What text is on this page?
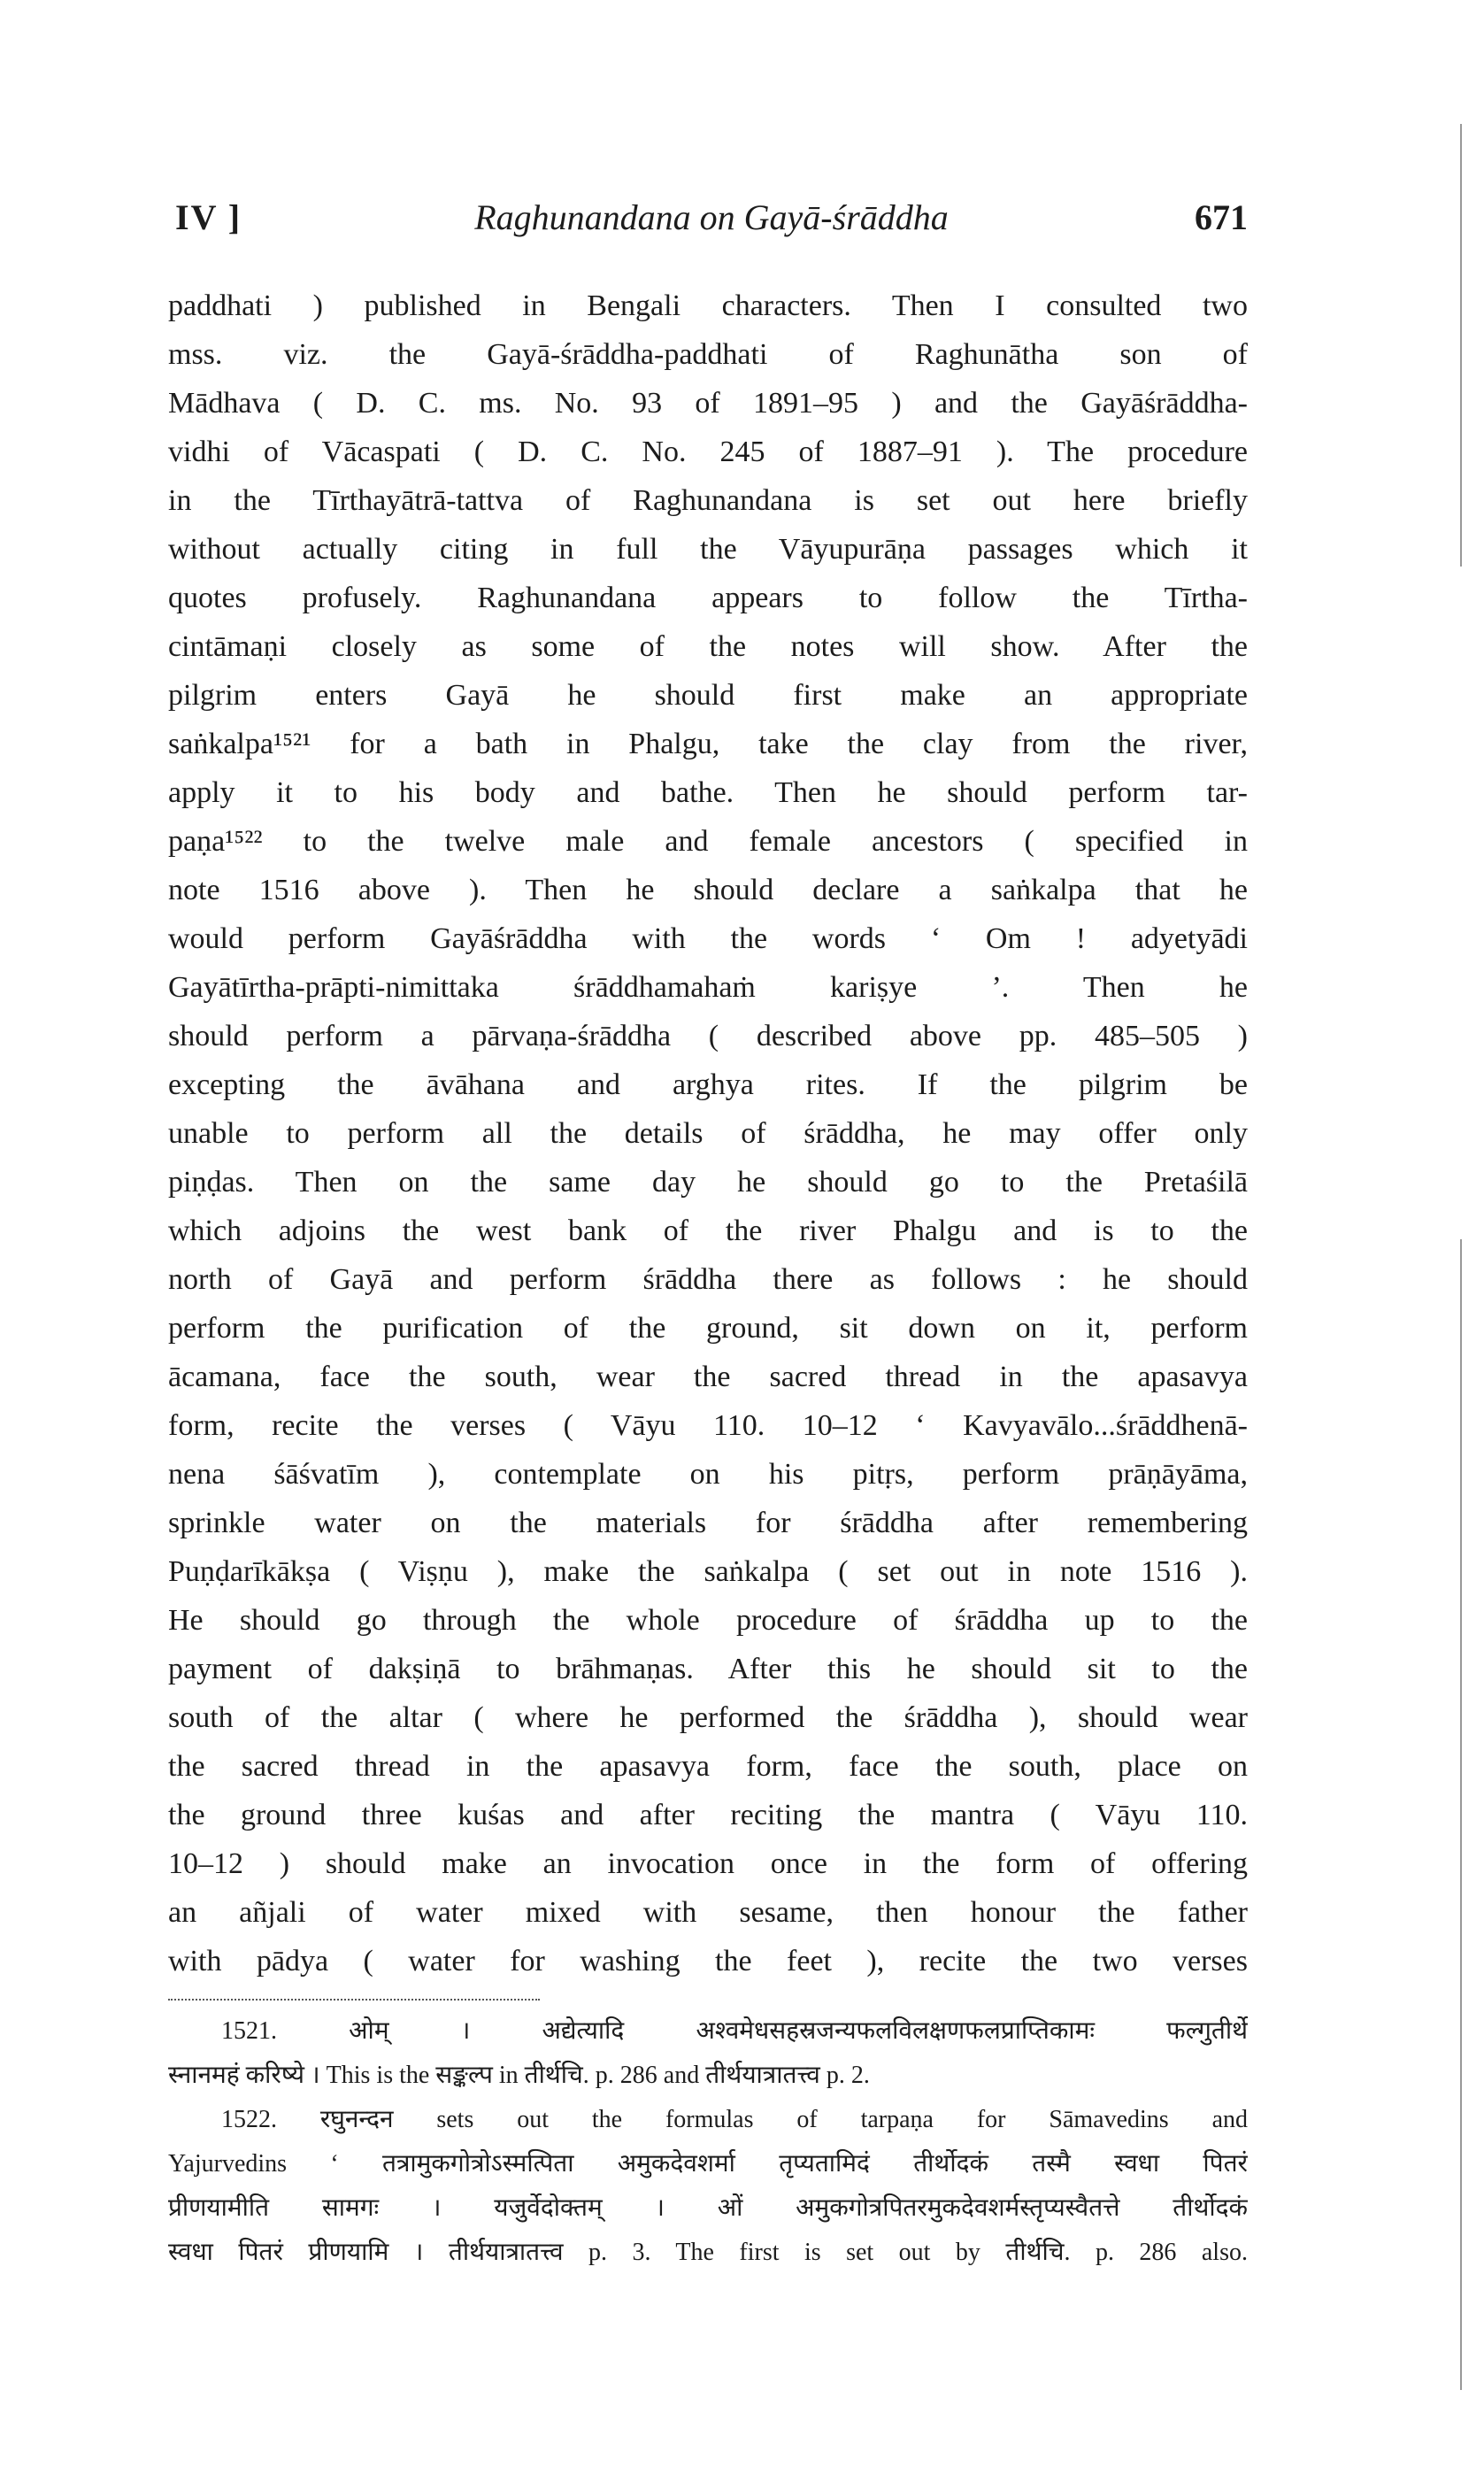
IV ]	Raghunandana on Gayā-śrāddha	671
paddhati ) published in Bengali characters. Then I consulted two
mss. viz. the Gayā-śrāddha-paddhati of Raghunātha son of
Mādhava ( D. C. ms. No. 93 of 1891–95 ) and the Gayāśrāddha-
vidhi of Vācaspati ( D. C. No. 245 of 1887–91 ). The procedure
in the Tīrthayātrā-tattva of Raghunandana is set out here briefly
without actually citing in full the Vāyupurāṇa passages which it
quotes profusely. Raghunandana appears to follow the Tīrtha-
cintāmaṇi closely as some of the notes will show. After the
pilgrim enters Gayā he should first make an appropriate
saṅkalpa¹⁵²¹ for a bath in Phalgu, take the clay from the river,
apply it to his body and bathe. Then he should perform tar-
paṇa¹⁵²² to the twelve male and female ancestors ( specified in
note 1516 above ). Then he should declare a saṅkalpa that he
would perform Gayāśrāddha with the words ‘ Om ! adyetyādi
Gayātīrtha-prāpti-nimittaka śrāddhamahaṁ kariṣye ’. Then he
should perform a pārvaṇa-śrāddha ( described above pp. 485–505 )
excepting the āvāhana and arghya rites. If the pilgrim be
unable to perform all the details of śrāddha, he may offer only
piṇḍas. Then on the same day he should go to the Pretaśilā
which adjoins the west bank of the river Phalgu and is to the
north of Gayā and perform śrāddha there as follows : he should
perform the purification of the ground, sit down on it, perform
ācamana, face the south, wear the sacred thread in the apasavya
form, recite the verses ( Vāyu 110. 10–12 ‘ Kavyavālo...śrāddhenā-
nena śāśvatīm ), contemplate on his pitṛs, perform prāṇāyāma,
sprinkle water on the materials for śrāddha after remembering
Puṇḍarīkākṣa ( Viṣṇu ), make the saṅkalpa ( set out in note 1516 ).
He should go through the whole procedure of śrāddha up to the
payment of dakṣiṇā to brāhmaṇas. After this he should sit to the
south of the altar ( where he performed the śrāddha ), should wear
the sacred thread in the apasavya form, face the south, place on
the ground three kuśas and after reciting the mantra ( Vāyu 110.
10–12 ) should make an invocation once in the form of offering
an añjali of water mixed with sesame, then honour the father
with pādya ( water for washing the feet ), recite the two verses
1521. ओम् । अद्येत्यादि अश्वमेधसहस्रजन्यफलविलक्षणफलप्राप्तिकामः फल्गुतीर्थे
स्नानमहं करिष्ये । This is the सङ्कल्प in तीर्थचि. p. 286 and तीर्थयात्रातत्त्व p. 2.
1522. रघुनन्दन sets out the formulas of tarpaṇa for Sāmavedins and
Yajurvedins ‘ तत्रामुकगोत्रोऽस्मत्पिता अमुकदेवशर्मा तृप्यतामिदं तीर्थोदकं तस्मै स्वधा पितरं
प्रीणयामीति सामगः । यजुर्वेदोक्तम् । ओं अमुकगोत्रपितरमुकदेवशर्मस्तृप्यस्वैतत्ते तीर्थोदकं
स्वधा पितरं प्रीणयामि । तीर्थयात्रातत्त्व p. 3. The first is set out by तीर्थचि. p. 286 also.
